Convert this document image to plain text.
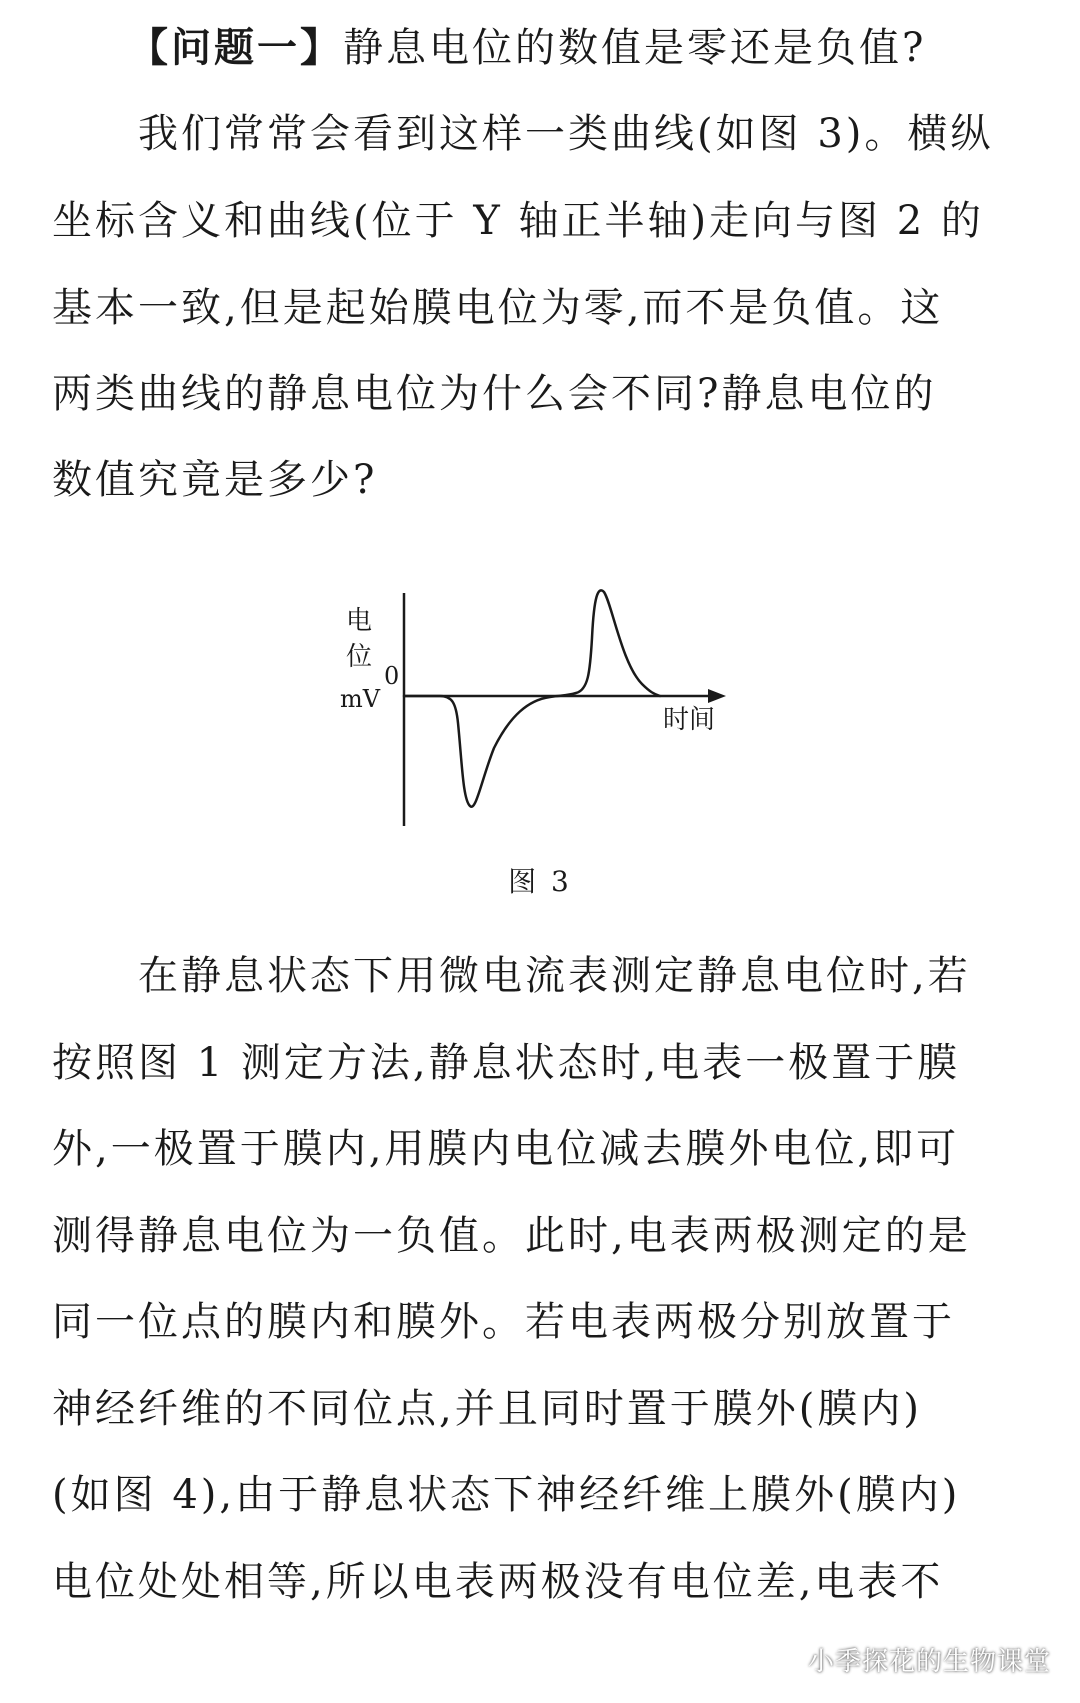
【问题一】静息电位的数值是零还是负值?
　　我们常常会看到这样一类曲线(如图 3)。横纵
坐标含义和曲线(位于 Y 轴正半轴)走向与图 2 的
基本一致,但是起始膜电位为零,而不是负值。这
两类曲线的静息电位为什么会不同?静息电位的
数值究竟是多少?
电
位
mV
0
时间
图 3
　　在静息状态下用微电流表测定静息电位时,若
按照图 1 测定方法,静息状态时,电表一极置于膜
外,一极置于膜内,用膜内电位减去膜外电位,即可
测得静息电位为一负值。此时,电表两极测定的是
同一位点的膜内和膜外。若电表两极分别放置于
神经纤维的不同位点,并且同时置于膜外(膜内)
(如图 4),由于静息状态下神经纤维上膜外(膜内)
电位处处相等,所以电表两极没有电位差,电表不
小季探花的生物课堂
